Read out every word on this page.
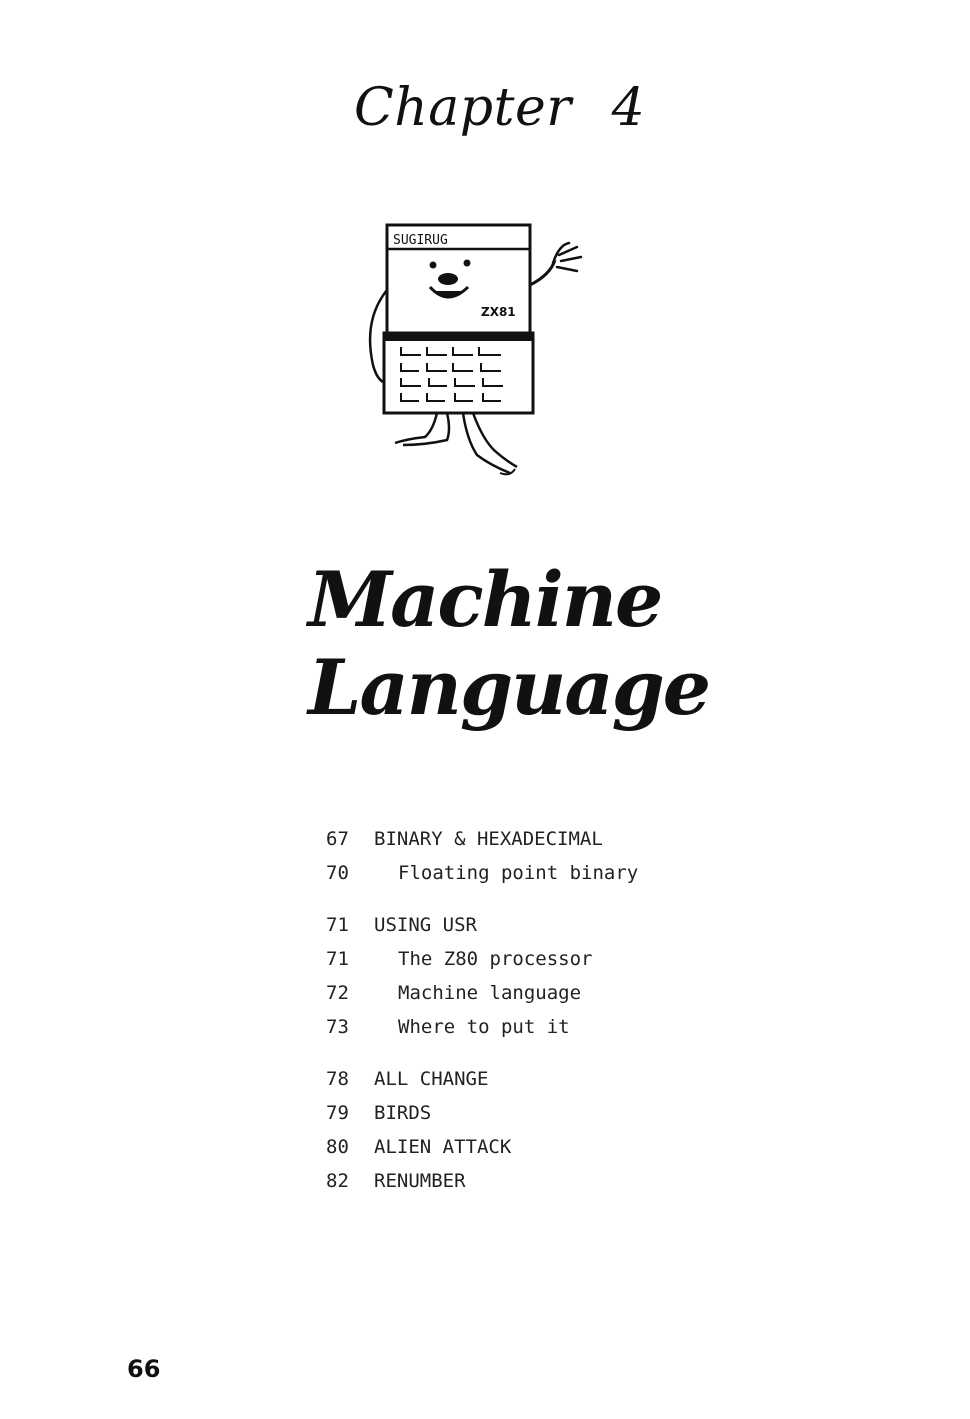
Chapter 4
SUGIRUG
ZX81
Machine
Language
67	BINARY & HEXADECIMAL
70	Floating point binary
71	USING USR
71	The Z80 processor
72	Machine language
73	Where to put it
78	ALL CHANGE
79	BIRDS
80	ALIEN ATTACK
82	RENUMBER
66
